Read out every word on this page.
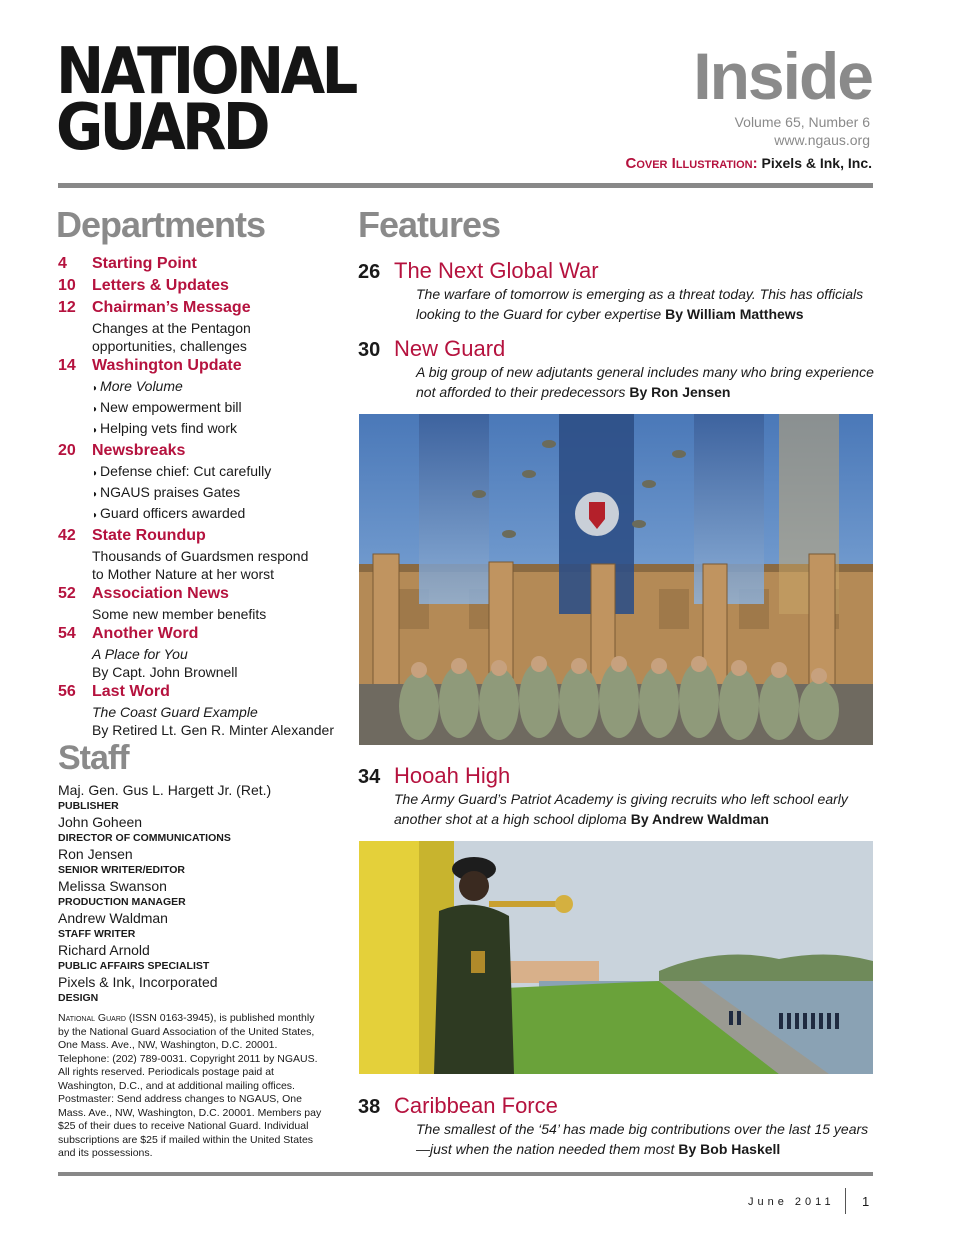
NATIONAL
GUARD
Inside
Volume 65, Number 6
www.ngaus.org
Cover Illustration: Pixels & Ink, Inc.
Departments	Features
4	Starting Point
10	Letters & Updates
12	Chairman’s Message
Changes at the Pentagon
opportunities, challenges
14	Washington Update
◗ More Volume
◗ New empowerment bill
◗ Helping vets find work
20	Newsbreaks
◗ Defense chief: Cut carefully
◗ NGAUS praises Gates
◗ Guard officers awarded
42	State Roundup
Thousands of Guardsmen respond
to Mother Nature at her worst
52	Association News
Some new member benefits
54	Another Word
A Place for You
By Capt. John Brownell
56	Last Word
The Coast Guard Example
By Retired Lt. Gen R. Minter Alexander
Staff
Maj. Gen. Gus L. Hargett Jr. (Ret.)
PUBLISHER
John Goheen
DIRECTOR OF COMMUNICATIONS
Ron Jensen
SENIOR WRITER/EDITOR
Melissa Swanson
PRODUCTION MANAGER
Andrew Waldman
STAFF WRITER
Richard Arnold
PUBLIC AFFAIRS SPECIALIST
Pixels & Ink, Incorporated
DESIGN
National Guard (ISSN 0163-3945), is published monthly by the National Guard Association of the United States, One Mass. Ave., NW, Washington, D.C. 20001. Telephone: (202) 789-0031. Copyright 2011 by NGAUS. All rights reserved. Periodicals postage paid at Washington, D.C., and at additional mailing offices. Postmaster: Send address changes to NGAUS, One Mass. Ave., NW, Washington, D.C. 20001. Members pay $25 of their dues to receive National Guard. Individual subscriptions are $25 if mailed within the United States and its possessions.
26 The Next Global War
The warfare of tomorrow is emerging as a threat today. This has officials looking to the Guard for cyber expertise By William Matthews
30 New Guard
A big group of new adjutants general includes many who bring experience not afforded to their predecessors By Ron Jensen
34 Hooah High
The Army Guard’s Patriot Academy is giving recruits who left school early another shot at a high school diploma By Andrew Waldman
38 Caribbean Force
The smallest of the ‘54’ has made big contributions over the last 15 years—just when the nation needed them most By Bob Haskell
June 2011 1
